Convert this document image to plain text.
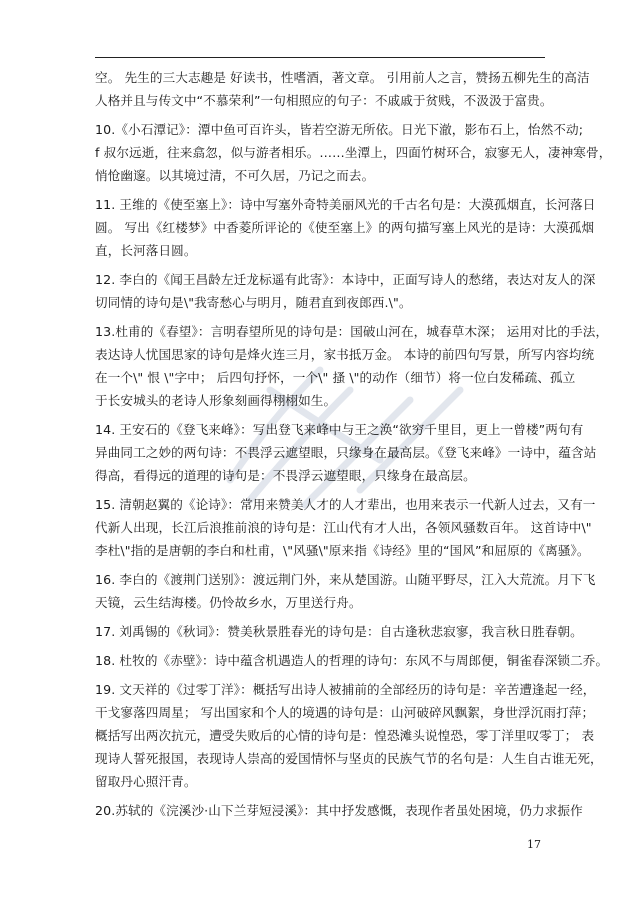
空。 先生的三大志趣是 好读书，性嗜酒，著文章。 引用前人之言，赞扬五柳先生的高洁
人格并且与传文中“不慕荣利”一句相照应的句子：不戚戚于贫贱，不汲汲于富贵。
10.《小石潭记》：潭中鱼可百许头，皆若空游无所依。日光下澈，影布石上，怡然不动;
f 叔尔远逝，往来翕忽，似与游者相乐。……坐潭上，四面竹树环合，寂寥无人，凄神寒骨，
悄怆幽邃。以其境过清，不可久居，乃记之而去。
11. 王维的《使至塞上》：诗中写塞外奇特美丽风光的千古名句是：大漠孤烟直，长河落日
圆。 写出《红楼梦》中香菱所评论的《使至塞上》的两句描写塞上风光的是诗：大漠孤烟
直，长河落日圆。
12. 李白的《闻王昌龄左迁龙标遥有此寄》：本诗中，正面写诗人的愁绪，表达对友人的深
切同情的诗句是\"我寄愁心与明月，随君直到夜郎西.\"。
13.杜甫的《春望》：言明春望所见的诗句是：国破山河在，城春草木深； 运用对比的手法，
表达诗人忧国思家的诗句是烽火连三月，家书抵万金。 本诗的前四句写景，所写内容均统
在一个\" 恨 \"字中； 后四句抒怀，一个\" 搔 \"的动作（细节）将一位白发稀疏、孤立
于长安城头的老诗人形象刻画得栩栩如生。
14. 王安石的《登飞来峰》：写出登飞来峰中与王之涣“欲穷千里目，更上一曾楼”两句有
异曲同工之妙的两句诗：不畏浮云遮望眼，只缘身在最高层。《登飞来峰》一诗中，蕴含站
得高，看得远的道理的诗句是：不畏浮云遮望眼，只缘身在最高层。
15. 清朝赵翼的《论诗》：常用来赞美人才的人才辈出，也用来表示一代新人过去，又有一
代新人出现，长江后浪推前浪的诗句是：江山代有才人出，各领风骚数百年。 这首诗中\"
李杜\"指的是唐朝的李白和杜甫，\"风骚\"原来指《诗经》里的“国风”和屈原的《离骚》。
16. 李白的《渡荆门送别》：渡远荆门外，来从楚国游。山随平野尽，江入大荒流。月下飞
天镜，云生结海楼。仍怜故乡水，万里送行舟。
17. 刘禹锡的《秋词》：赞美秋景胜春光的诗句是：自古逢秋悲寂寥，我言秋日胜春朝。
18. 杜牧的《赤壁》：诗中蕴含机遇造人的哲理的诗句：东风不与周郎便，铜雀春深锁二乔。
19. 文天祥的《过零丁洋》：概括写出诗人被捕前的全部经历的诗句是：辛苦遭逢起一经，
干戈寥落四周星； 写出国家和个人的境遇的诗句是：山河破碎风飘絮，身世浮沉雨打萍；
概括写出两次抗元，遭受失败后的心情的诗句是：惶恐滩头说惶恐，零丁洋里叹零丁； 表
现诗人誓死报国，表现诗人崇高的爱国情怀与坚贞的民族气节的名句是：人生自古谁无死，
留取丹心照汗青。
20.苏轼的《浣溪沙·山下兰芽短浸溪》：其中抒发感慨，表现作者虽处困境，仍力求振作
17
